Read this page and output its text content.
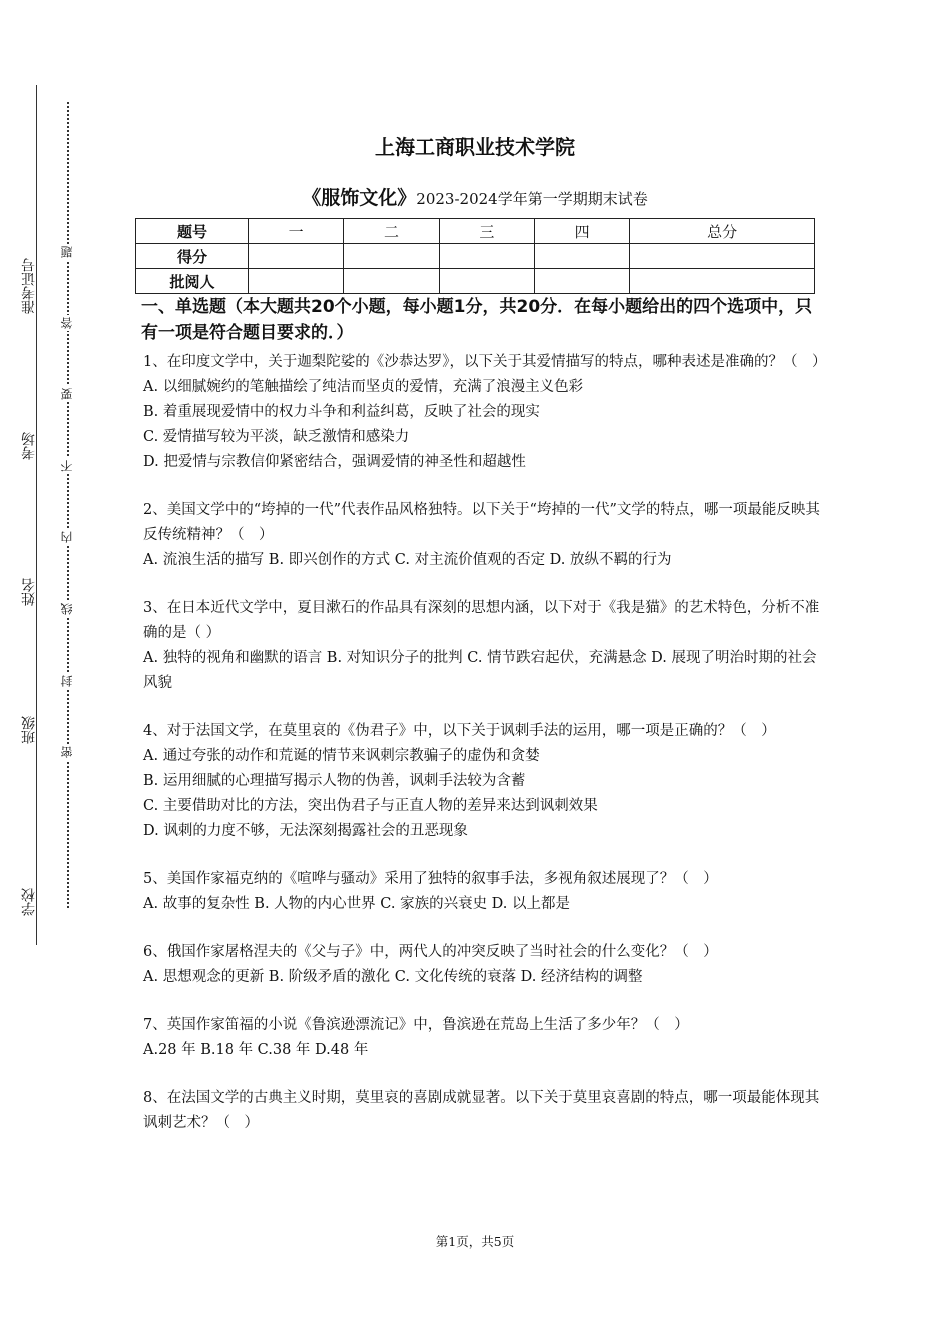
准考证号
考场
姓名
班级
学校
题
答
要
不
内
线
封
密
上海工商职业技术学院
《服饰文化》2023-2024学年第一学期期末试卷
题号	一	二	三	四	总分
得分					
批阅人					
一、单选题（本大题共20个小题，每小题1分，共20分．在每小题给出的四个选项中，只有一项是符合题目要求的．）
1、在印度文学中，关于迦梨陀娑的《沙恭达罗》，以下关于其爱情描写的特点，哪种表述是准确的？（　）
A. 以细腻婉约的笔触描绘了纯洁而坚贞的爱情，充满了浪漫主义色彩
B. 着重展现爱情中的权力斗争和利益纠葛，反映了社会的现实
C. 爱情描写较为平淡，缺乏激情和感染力
D. 把爱情与宗教信仰紧密结合，强调爱情的神圣性和超越性
2、美国文学中的“垮掉的一代”代表作品风格独特。以下关于“垮掉的一代”文学的特点，哪一项最能反映其反传统精神？（　）
A. 流浪生活的描写 B. 即兴创作的方式 C. 对主流价值观的否定 D. 放纵不羁的行为
3、在日本近代文学中，夏目漱石的作品具有深刻的思想内涵，以下对于《我是猫》的艺术特色，分析不准确的是（ ）
A. 独特的视角和幽默的语言 B. 对知识分子的批判 C. 情节跌宕起伏，充满悬念 D. 展现了明治时期的社会风貌
4、对于法国文学，在莫里哀的《伪君子》中，以下关于讽刺手法的运用，哪一项是正确的？（　）
A. 通过夸张的动作和荒诞的情节来讽刺宗教骗子的虚伪和贪婪
B. 运用细腻的心理描写揭示人物的伪善，讽刺手法较为含蓄
C. 主要借助对比的方法，突出伪君子与正直人物的差异来达到讽刺效果
D. 讽刺的力度不够，无法深刻揭露社会的丑恶现象
5、美国作家福克纳的《喧哗与骚动》采用了独特的叙事手法，多视角叙述展现了？（　）
A. 故事的复杂性 B. 人物的内心世界 C. 家族的兴衰史 D. 以上都是
6、俄国作家屠格涅夫的《父与子》中，两代人的冲突反映了当时社会的什么变化？（　）
A. 思想观念的更新 B. 阶级矛盾的激化 C. 文化传统的衰落 D. 经济结构的调整
7、英国作家笛福的小说《鲁滨逊漂流记》中，鲁滨逊在荒岛上生活了多少年？（　）
A.28 年 B.18 年 C.38 年 D.48 年
8、在法国文学的古典主义时期，莫里哀的喜剧成就显著。以下关于莫里哀喜剧的特点，哪一项最能体现其讽刺艺术？（　）
第1页，共5页
